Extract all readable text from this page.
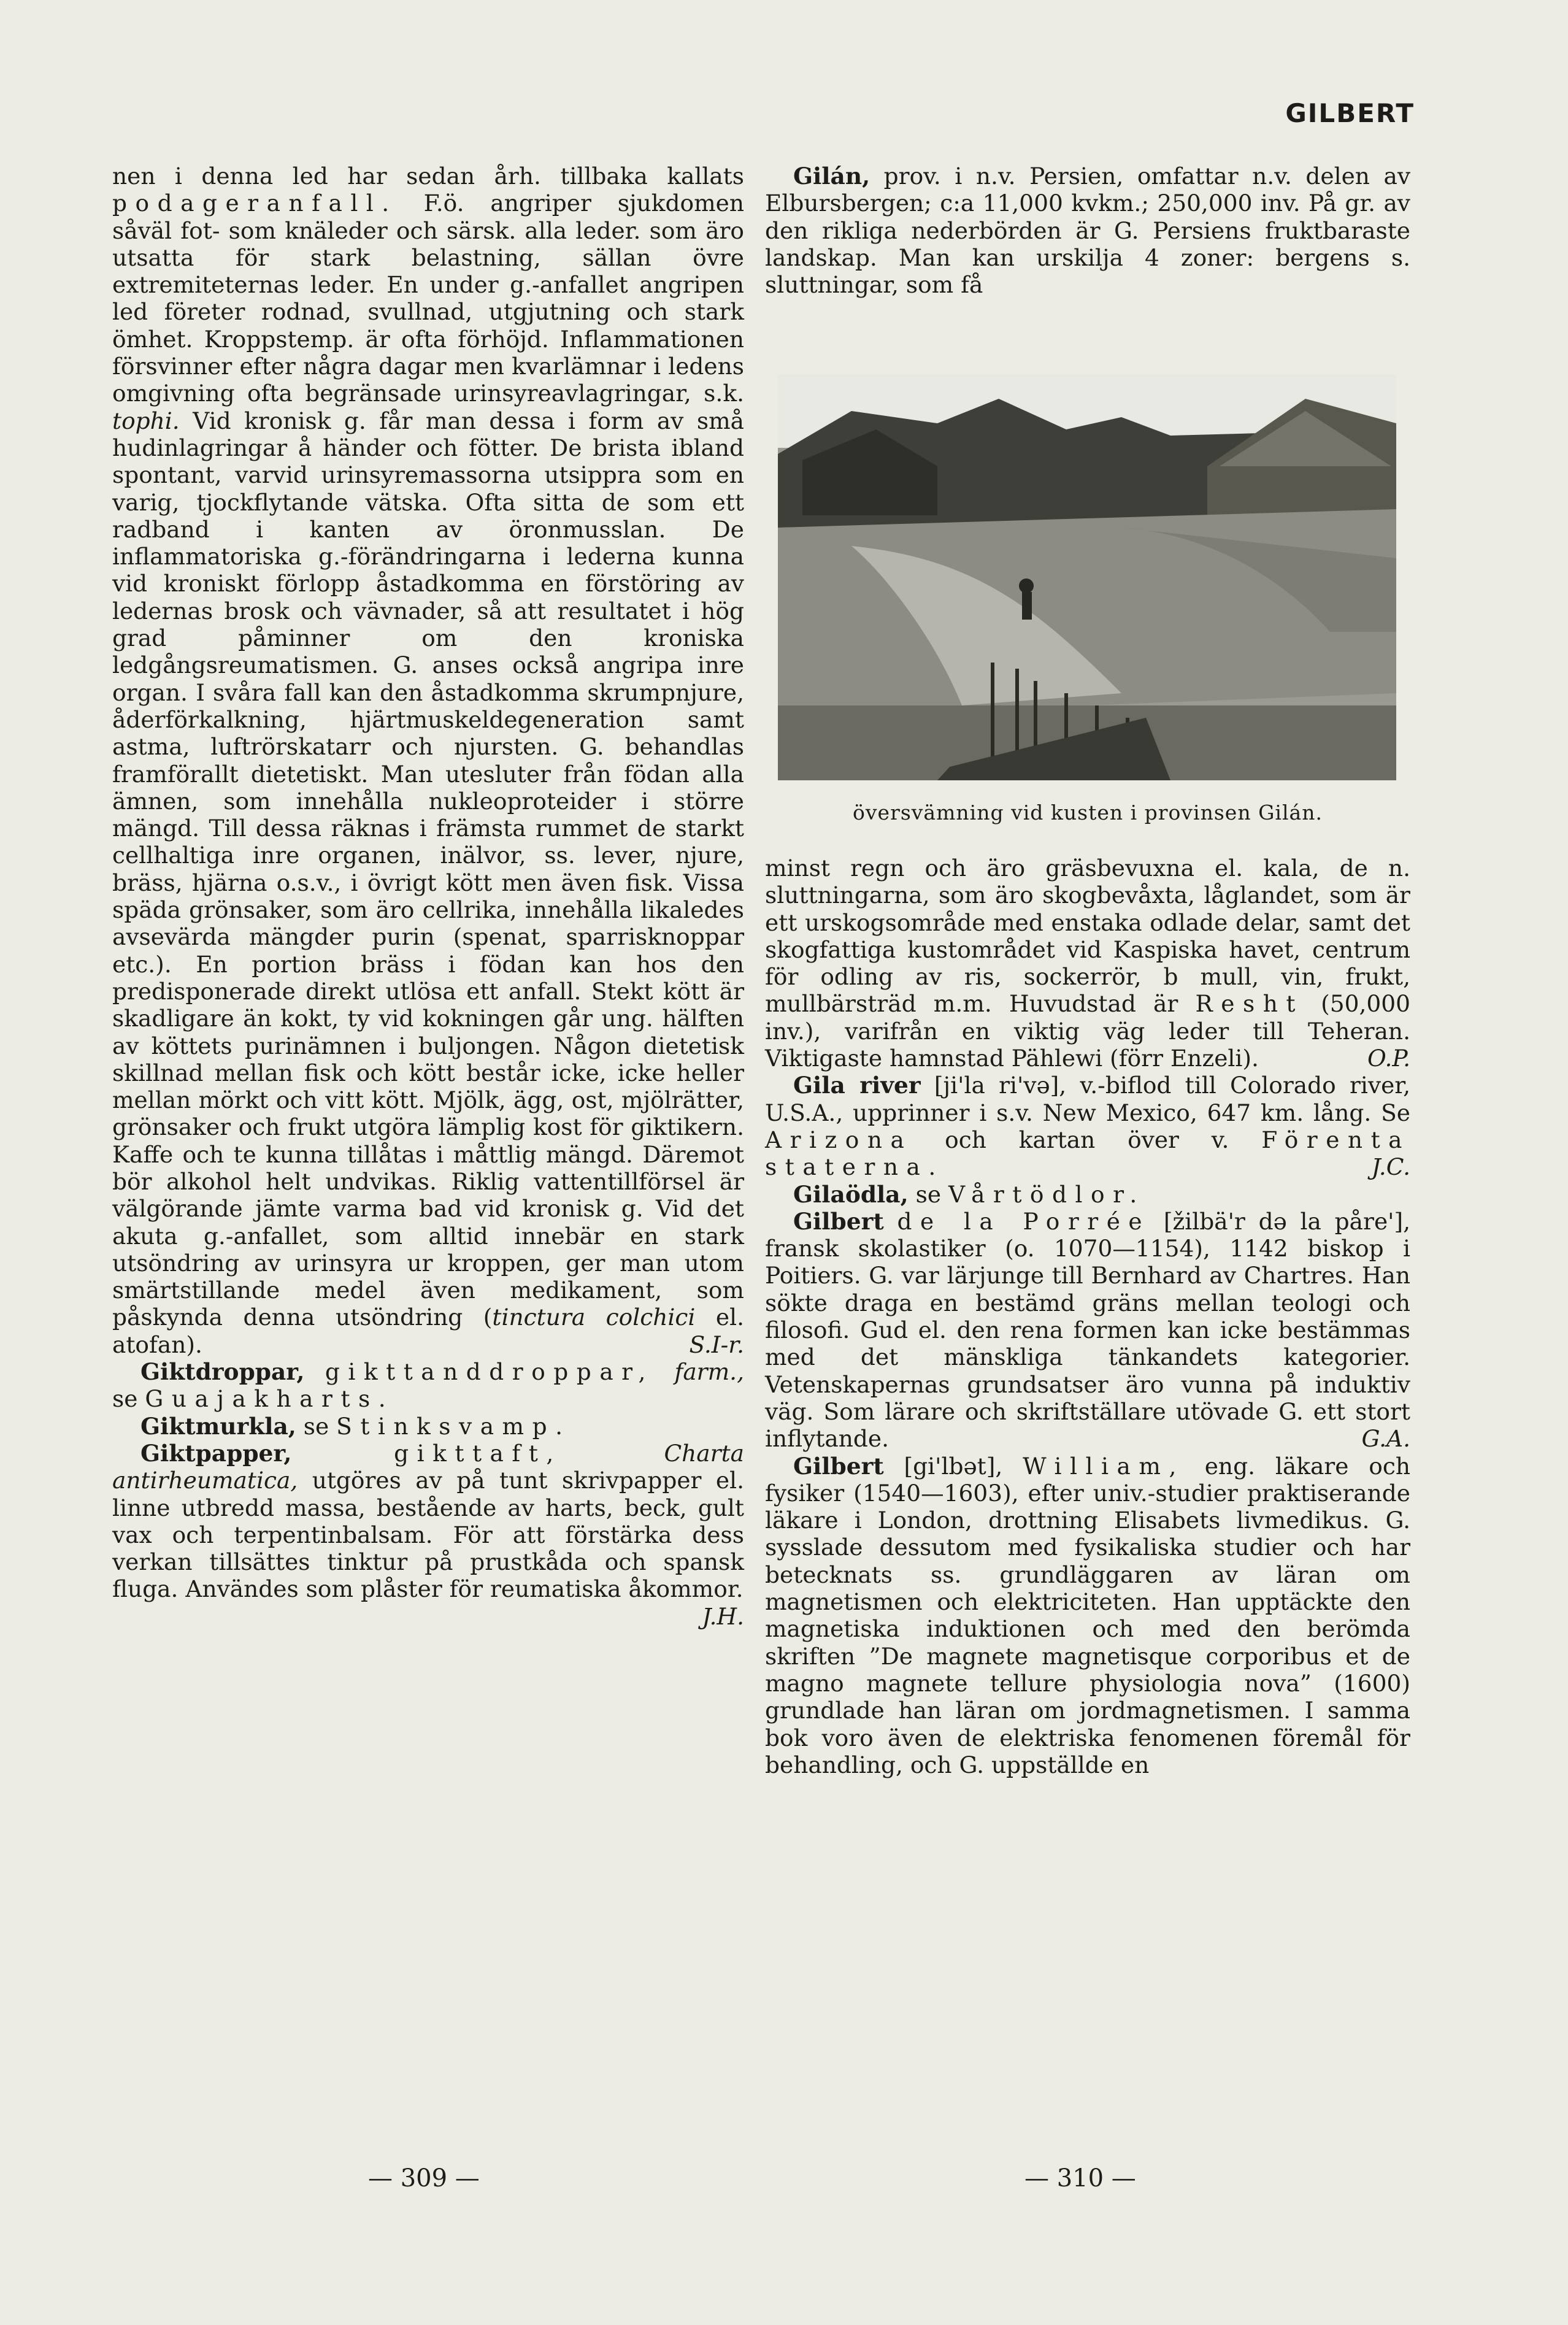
GILBERT

nen i denna led har sedan årh. tillbaka kallats podageranfall. F.ö. angriper sjukdomen såväl fot- som knäleder och särsk. alla leder. som äro utsatta för stark belastning, sällan övre extremiteternas leder. En under g.-anfallet angripen led företer rodnad, svullnad, utgjutning och stark ömhet. Kroppstemp. är ofta förhöjd. Inflammationen försvinner efter några dagar men kvarlämnar i ledens omgivning ofta begränsade urinsyreavlagringar, s.k. tophi. Vid kronisk g. får man dessa i form av små hudinlagringar å händer och fötter. De brista ibland spontant, varvid urinsyremassorna utsippra som en varig, tjockflytande vätska. Ofta sitta de som ett radband i kanten av öronmusslan. De inflammatoriska g.-förändringarna i lederna kunna vid kroniskt förlopp åstadkomma en förstöring av ledernas brosk och vävnader, så att resultatet i hög grad påminner om den kroniska ledgångsreumatismen. G. anses också angripa inre organ. I svåra fall kan den åstadkomma skrumpnjure, åderförkalkning, hjärtmuskeldegeneration samt astma, luftrörskatarr och njursten. G. behandlas framförallt dietetiskt. Man utesluter från födan alla ämnen, som innehålla nukleoproteider i större mängd. Till dessa räknas i främsta rummet de starkt cellhaltiga inre organen, inälvor, ss. lever, njure, bräss, hjärna o.s.v., i övrigt kött men även fisk. Vissa späda grönsaker, som äro cellrika, innehålla likaledes avsevärda mängder purin (spenat, sparrisknoppar etc.). En portion bräss i födan kan hos den predisponerade direkt utlösa ett anfall. Stekt kött är skadligare än kokt, ty vid kokningen går ung. hälften av köttets purinämnen i buljongen. Någon dietetisk skillnad mellan fisk och kött består icke, icke heller mellan mörkt och vitt kött. Mjölk, ägg, ost, mjölrätter, grönsaker och frukt utgöra lämplig kost för giktikern. Kaffe och te kunna tillåtas i måttlig mängd. Däremot bör alkohol helt undvikas. Riklig vattentillförsel är välgörande jämte varma bad vid kronisk g. Vid det akuta g.-anfallet, som alltid innebär en stark utsöndring av urinsyra ur kroppen, ger man utom smärtstillande medel även medikament, som påskynda denna utsöndring (tinctura colchici el. atofan).	S.I-r.

Giktdroppar, gikttanddroppar, farm., se Guajakharts.

Giktmurkla, se Stinksvamp.

Giktpapper,	gikttaft,	Charta antirheumatica, utgöres av på tunt skrivpapper el. linne utbredd massa, bestående av harts, beck, gult vax och terpentinbalsam. För att förstärka dess verkan tillsättes tinktur på prustkåda och spansk fluga. Användes som plåster för reumatiska åkommor.
J.H.

Gilán, prov. i n.v. Persien, omfattar n.v. delen av Elbursbergen; c:a 11,000 kvkm.; 250,000 inv. På gr. av den rikliga nederbörden är G. Persiens fruktbaraste landskap. Man kan urskilja 4 zoner: bergens s. sluttningar, som få

översvämning vid kusten i provinsen Gilán.

minst regn och äro gräsbevuxna el. kala, de n. sluttningarna, som äro skogbevåxta, låglandet, som är ett urskogsområde med enstaka odlade delar, samt det skogfattiga kustområdet vid Kaspiska havet, centrum för odling av ris, sockerrör, b mull, vin, frukt, mullbärsträd m.m. Huvudstad är Resht (50,000 inv.), varifrån en viktig väg leder till Teheran. Viktigaste hamnstad Pählewi (förr Enzeli).	O.P.

Gila river [ji'la ri'və], v.-biflod till Colorado river, U.S.A., upprinner i s.v. New Mexico, 647 km. lång. Se Arizona och kartan över v. Förenta staterna.	J.C.

Gilaödla, se Vårtödlor.

Gilbert de la Porrée [žilbä'r də la påre'], fransk skolastiker (o. 1070—1154), 1142 biskop i Poitiers. G. var lärjunge till Bernhard av Chartres. Han sökte draga en bestämd gräns mellan teologi och filosofi. Gud el. den rena formen kan icke bestämmas med det mänskliga tänkandets kategorier. Vetenskapernas grundsatser äro vunna på induktiv väg. Som lärare och skriftställare utövade G. ett stort inflytande.	G.A.

Gilbert [gi'lbət], William, eng. läkare och fysiker (1540—1603), efter univ.-studier praktiserande läkare i London, drottning Elisabets livmedikus. G. sysslade dessutom med fysikaliska studier och har betecknats ss. grundläggaren av läran om magnetismen och elektriciteten. Han upptäckte den magnetiska induktionen och med den berömda skriften ”De magnete magnetisque corporibus et de magno magnete tellure physiologia nova” (1600) grundlade han läran om jordmagnetismen. I samma bok voro även de elektriska fenomenen föremål för behandling, och G. uppställde en

— 309 —	— 310 —
